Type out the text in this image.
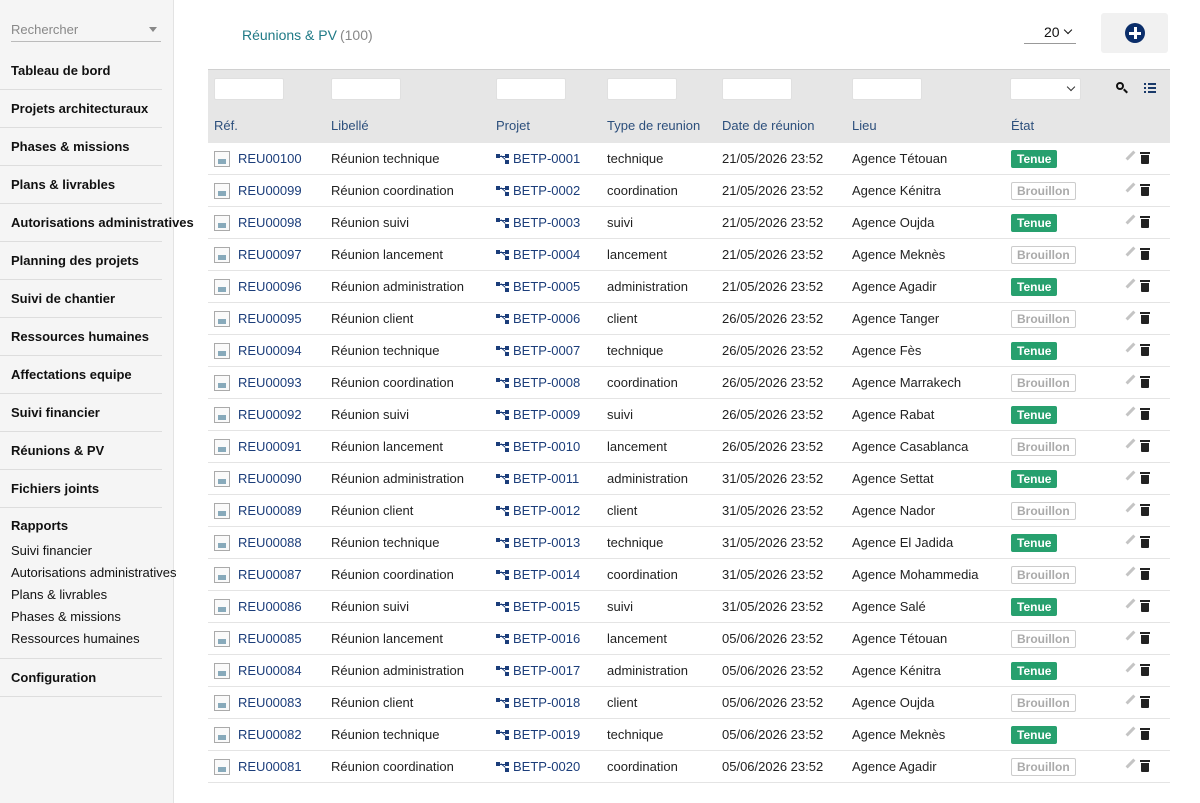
Rechercher
Tableau de bord
Projets architecturaux
Phases & missions
Plans & livrables
Autorisations administratives
Planning des projets
Suivi de chantier
Ressources humaines
Affectations equipe
Suivi financier
Réunions & PV
Fichiers joints
Rapports
Suivi financier
Autorisations administratives
Plans & livrables
Phases & missions
Ressources humaines
Configuration
Réunions & PV (100)	20
Réf.	Libellé	Projet	Type de reunion Date de réunion	Lieu	État
REU00100 Réunion technique	BETP-0001 technique	21/05/2026 23:52 Agence Tétouan	Tenue
REU00099 Réunion coordination	BETP-0002 coordination	21/05/2026 23:52 Agence Kénitra	Brouillon
REU00098 Réunion suivi	BETP-0003 suivi	21/05/2026 23:52 Agence Oujda	Tenue
REU00097 Réunion lancement	BETP-0004 lancement	21/05/2026 23:52 Agence Meknès	Brouillon
REU00096 Réunion administration	BETP-0005 administration	21/05/2026 23:52 Agence Agadir	Tenue
REU00095 Réunion client	BETP-0006 client	26/05/2026 23:52 Agence Tanger	Brouillon
REU00094 Réunion technique	BETP-0007 technique	26/05/2026 23:52 Agence Fès	Tenue
REU00093 Réunion coordination	BETP-0008 coordination	26/05/2026 23:52 Agence Marrakech	Brouillon
REU00092 Réunion suivi	BETP-0009 suivi	26/05/2026 23:52 Agence Rabat	Tenue
REU00091 Réunion lancement	BETP-0010 lancement	26/05/2026 23:52 Agence Casablanca	Brouillon
REU00090 Réunion administration	BETP-0011 administration	31/05/2026 23:52 Agence Settat	Tenue
REU00089 Réunion client	BETP-0012 client	31/05/2026 23:52 Agence Nador	Brouillon
REU00088 Réunion technique	BETP-0013 technique	31/05/2026 23:52 Agence El Jadida	Tenue
REU00087 Réunion coordination	BETP-0014 coordination	31/05/2026 23:52 Agence Mohammedia	Brouillon
REU00086 Réunion suivi	BETP-0015 suivi	31/05/2026 23:52 Agence Salé	Tenue
REU00085 Réunion lancement	BETP-0016 lancement	05/06/2026 23:52 Agence Tétouan	Brouillon
REU00084 Réunion administration	BETP-0017 administration	05/06/2026 23:52 Agence Kénitra	Tenue
REU00083 Réunion client	BETP-0018 client	05/06/2026 23:52 Agence Oujda	Brouillon
REU00082 Réunion technique	BETP-0019 technique	05/06/2026 23:52 Agence Meknès	Tenue
REU00081 Réunion coordination	BETP-0020 coordination	05/06/2026 23:52 Agence Agadir	Brouillon
